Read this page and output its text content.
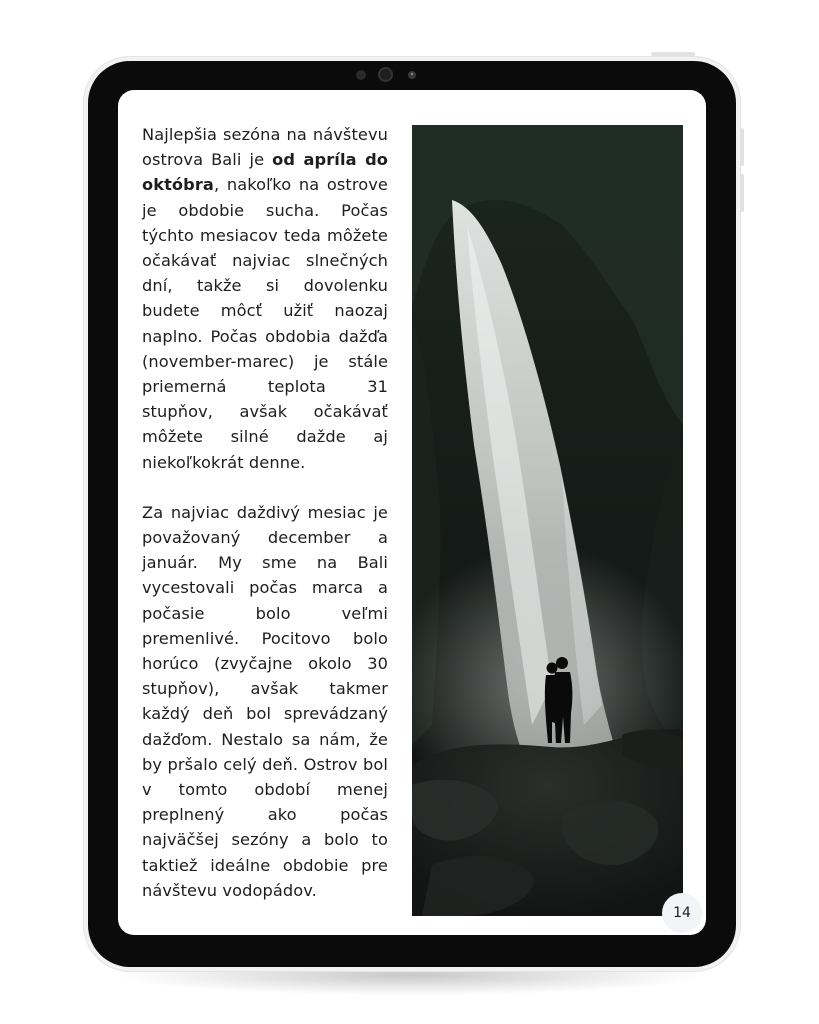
Najlepšia sezóna na návštevu ostrova Bali je od apríla do októbra, nakoľko na ostrove je obdobie sucha. Počas týchto mesiacov teda môžete očakávať najviac slnečných dní, takže si dovolenku budete môcť užiť naozaj naplno. Počas obdobia dažďa (november-marec) je stále priemerná teplota 31 stupňov, avšak očakávať môžete silné dažde aj niekoľkokrát denne.

Za najviac daždivý mesiac je považovaný december a január. My sme na Bali vycestovali počas marca a počasie bolo veľmi premenlivé. Pocitovo bolo horúco (zvyčajne okolo 30 stupňov), avšak takmer každý deň bol sprevádzaný dažďom. Nestalo sa nám, že by pršalo celý deň. Ostrov bol v tomto období menej preplnený ako počas najväčšej sezóny a bolo to taktiež ideálne obdobie pre návštevu vodopádov.

14
